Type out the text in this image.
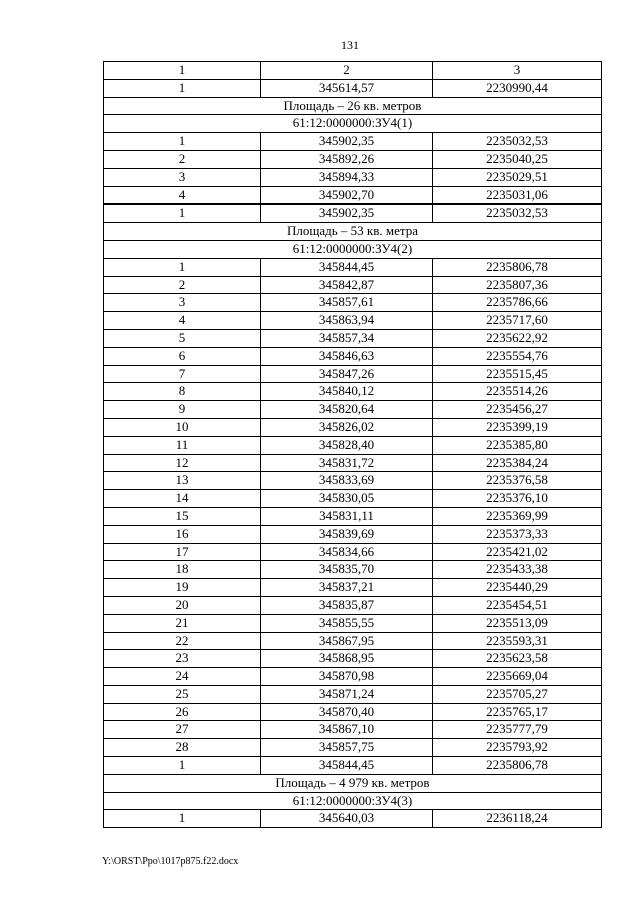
131
1	2	3
1	345614,57	2230990,44
Площадь – 26 кв. метров		
61:12:0000000:ЗУ4(1)		
1	345902,35	2235032,53
2	345892,26	2235040,25
3	345894,33	2235029,51
4	345902,70	2235031,06
1	345902,35	2235032,53
Площадь – 53 кв. метра		
61:12:0000000:ЗУ4(2)		
1	345844,45	2235806,78
2	345842,87	2235807,36
3	345857,61	2235786,66
4	345863,94	2235717,60
5	345857,34	2235622,92
6	345846,63	2235554,76
7	345847,26	2235515,45
8	345840,12	2235514,26
9	345820,64	2235456,27
10	345826,02	2235399,19
11	345828,40	2235385,80
12	345831,72	2235384,24
13	345833,69	2235376,58
14	345830,05	2235376,10
15	345831,11	2235369,99
16	345839,69	2235373,33
17	345834,66	2235421,02
18	345835,70	2235433,38
19	345837,21	2235440,29
20	345835,87	2235454,51
21	345855,55	2235513,09
22	345867,95	2235593,31
23	345868,95	2235623,58
24	345870,98	2235669,04
25	345871,24	2235705,27
26	345870,40	2235765,17
27	345867,10	2235777,79
28	345857,75	2235793,92
1	345844,45	2235806,78
Площадь – 4 979 кв. метров		
61:12:0000000:ЗУ4(3)		
1	345640,03	2236118,24
Y:\ORST\Ppo\1017p875.f22.docx
